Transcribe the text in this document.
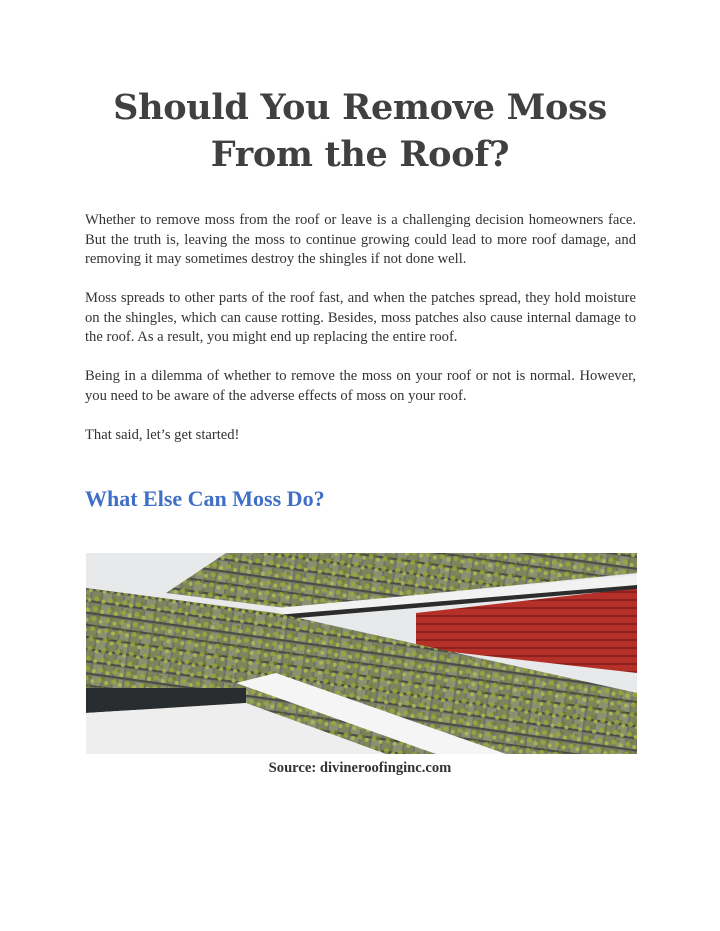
Should You Remove Moss From the Roof?

Whether to remove moss from the roof or leave is a challenging decision homeowners face. But the truth is, leaving the moss to continue growing could lead to more roof damage, and removing it may sometimes destroy the shingles if not done well.

Moss spreads to other parts of the roof fast, and when the patches spread, they hold moisture on the shingles, which can cause rotting. Besides, moss patches also cause internal damage to the roof. As a result, you might end up replacing the entire roof.

Being in a dilemma of whether to remove the moss on your roof or not is normal. However, you need to be aware of the adverse effects of moss on your roof.

That said, let’s get started!

What Else Can Moss Do?

Source: divineroofinginc.com
